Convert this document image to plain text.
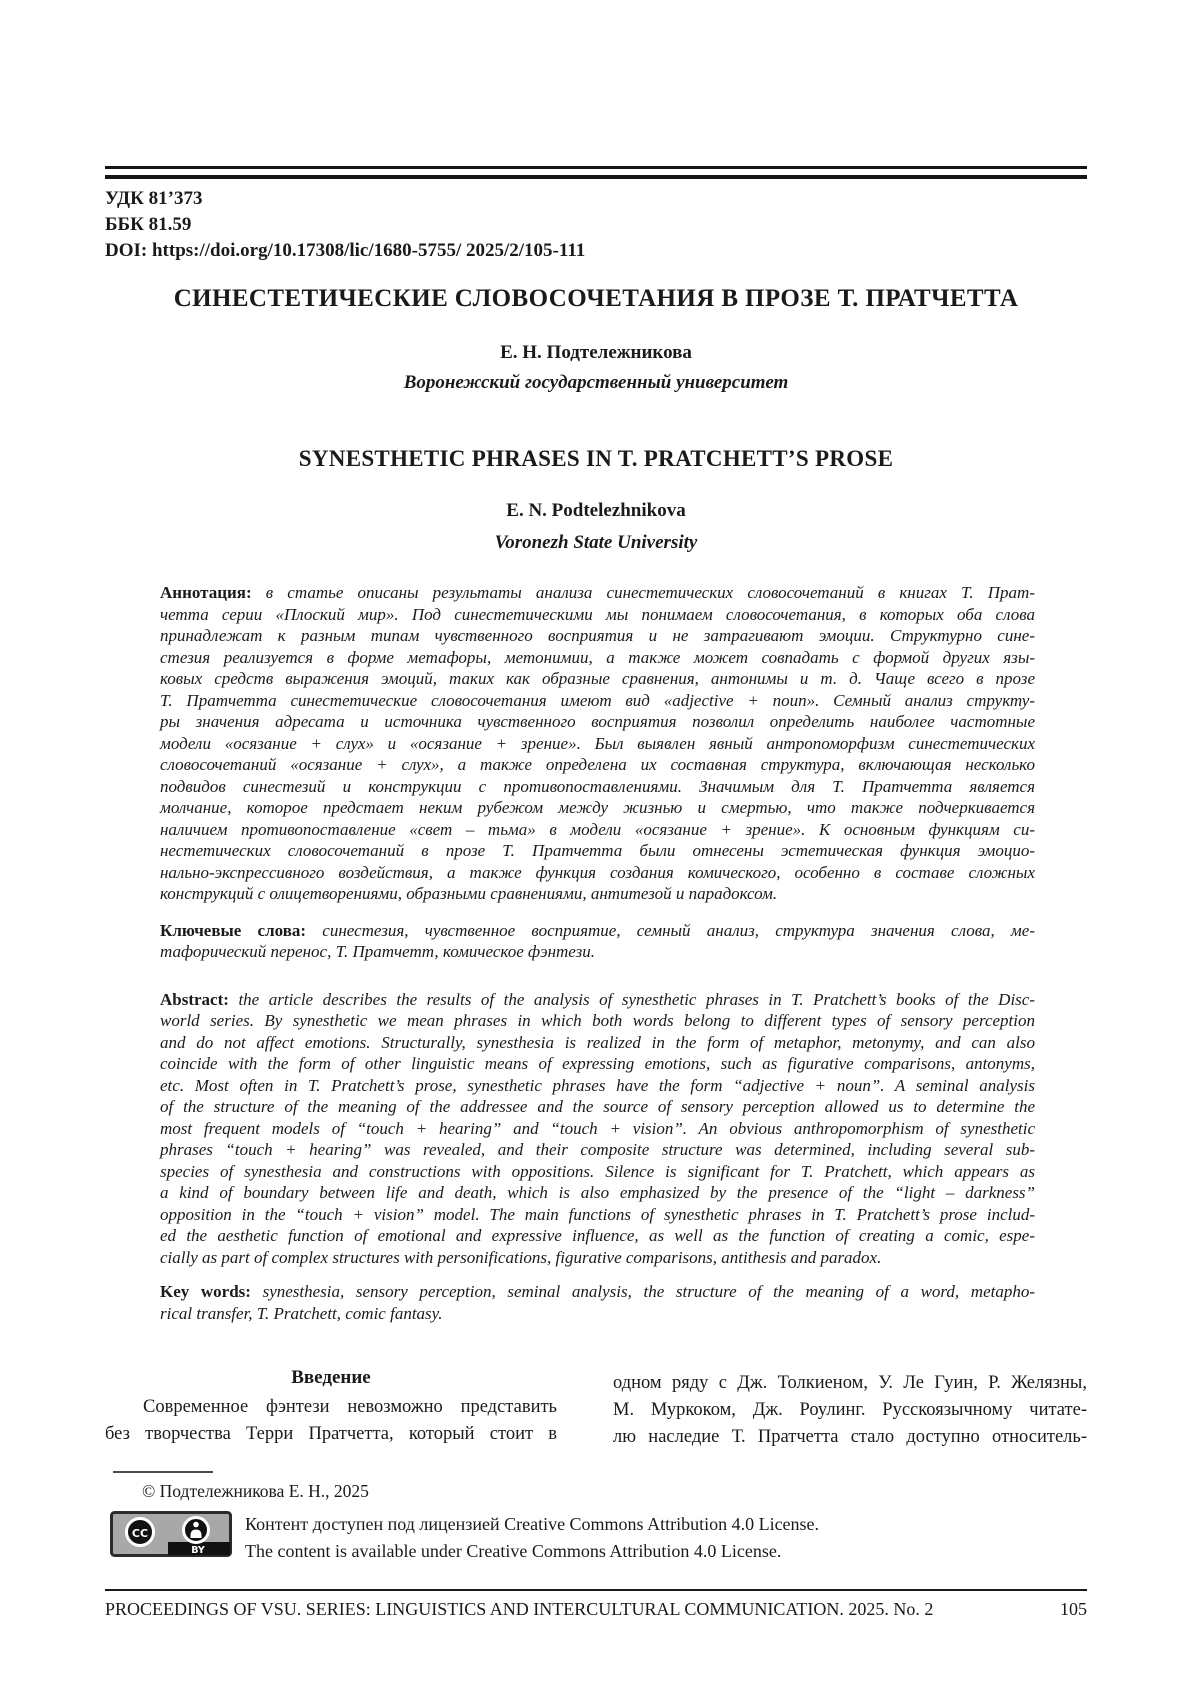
УДК 81’373
ББК 81.59
DOI: https://doi.org/10.17308/lic/1680-5755/ 2025/2/105-111
СИНЕСТЕТИЧЕСКИЕ СЛОВОСОЧЕТАНИЯ В ПРОЗЕ Т. ПРАТЧЕТТА
Е. Н. Подтележникова
Воронежский государственный университет
SYNESTHETIC PHRASES IN T. PRATCHETT’S PROSE
E. N. Podtelezhnikova
Voronezh State University
Аннотация: в статье описаны результаты анализа синестетических словосочетаний в книгах Т. Прат-
четта серии «Плоский мир». Под синестетическими мы понимаем словосочетания, в которых оба слова
принадлежат к разным типам чувственного восприятия и не затрагивают эмоции. Структурно сине-
стезия реализуется в форме метафоры, метонимии, а также может совпадать с формой других язы-
ковых средств выражения эмоций, таких как образные сравнения, антонимы и т. д. Чаще всего в прозе
Т. Пратчетта синестетические словосочетания имеют вид «adjective + noun». Семный анализ структу-
ры значения адресата и источника чувственного восприятия позволил определить наиболее частотные
модели «осязание + слух» и «осязание + зрение». Был выявлен явный антропоморфизм синестетических
словосочетаний «осязание + слух», а также определена их составная структура, включающая несколько
подвидов синестезий и конструкции с противопоставлениями. Значимым для Т. Пратчетта является
молчание, которое предстает неким рубежом между жизнью и смертью, что также подчеркивается
наличием противопоставление «свет – тьма» в модели «осязание + зрение». К основным функциям си-
нестетических словосочетаний в прозе Т. Пратчетта были отнесены эстетическая функция эмоцио-
нально-экспрессивного воздействия, а также функция создания комического, особенно в составе сложных
конструкций с олицетворениями, образными сравнениями, антитезой и парадоксом.
Ключевые слова: синестезия, чувственное восприятие, семный анализ, структура значения слова, ме-
тафорический перенос, Т. Пратчетт, комическое фэнтези.
Abstract: the article describes the results of the analysis of synesthetic phrases in T. Pratchett’s books of the Disc-
world series. By synesthetic we mean phrases in which both words belong to different types of sensory perception
and do not affect emotions. Structurally, synesthesia is realized in the form of metaphor, metonymy, and can also
coincide with the form of other linguistic means of expressing emotions, such as figurative comparisons, antonyms,
etc. Most often in T. Pratchett’s prose, synesthetic phrases have the form “adjective + noun”. A seminal analysis
of the structure of the meaning of the addressee and the source of sensory perception allowed us to determine the
most frequent models of “touch + hearing” and “touch + vision”. An obvious anthropomorphism of synesthetic
phrases “touch + hearing” was revealed, and their composite structure was determined, including several sub-
species of synesthesia and constructions with oppositions. Silence is significant for T. Pratchett, which appears as
a kind of boundary between life and death, which is also emphasized by the presence of the “light – darkness”
opposition in the “touch + vision” model. The main functions of synesthetic phrases in T. Pratchett’s prose includ-
ed the aesthetic function of emotional and expressive influence, as well as the function of creating a comic, espe-
cially as part of complex structures with personifications, figurative comparisons, antithesis and paradox.
Key words: synesthesia, sensory perception, seminal analysis, the structure of the meaning of a word, metapho-
rical transfer, T. Pratchett, comic fantasy.
Введение
Современное фэнтези невозможно представить
без творчества Терри Пратчетта, который стоит в
одном ряду с Дж. Толкиеном, У. Ле Гуин, Р. Желязны,
М. Муркоком, Дж. Роулинг. Русскоязычному читате-
лю наследие Т. Пратчетта стало доступно относитель-
© Подтележникова Е. Н., 2025
CC
BY
Контент доступен под лицензией Creative Commons Attribution 4.0 License.
The content is available under Creative Commons Attribution 4.0 License.
PROCEEDINGS OF VSU. SERIES: LINGUISTICS AND INTERCULTURAL COMMUNICATION. 2025. No. 2	105
